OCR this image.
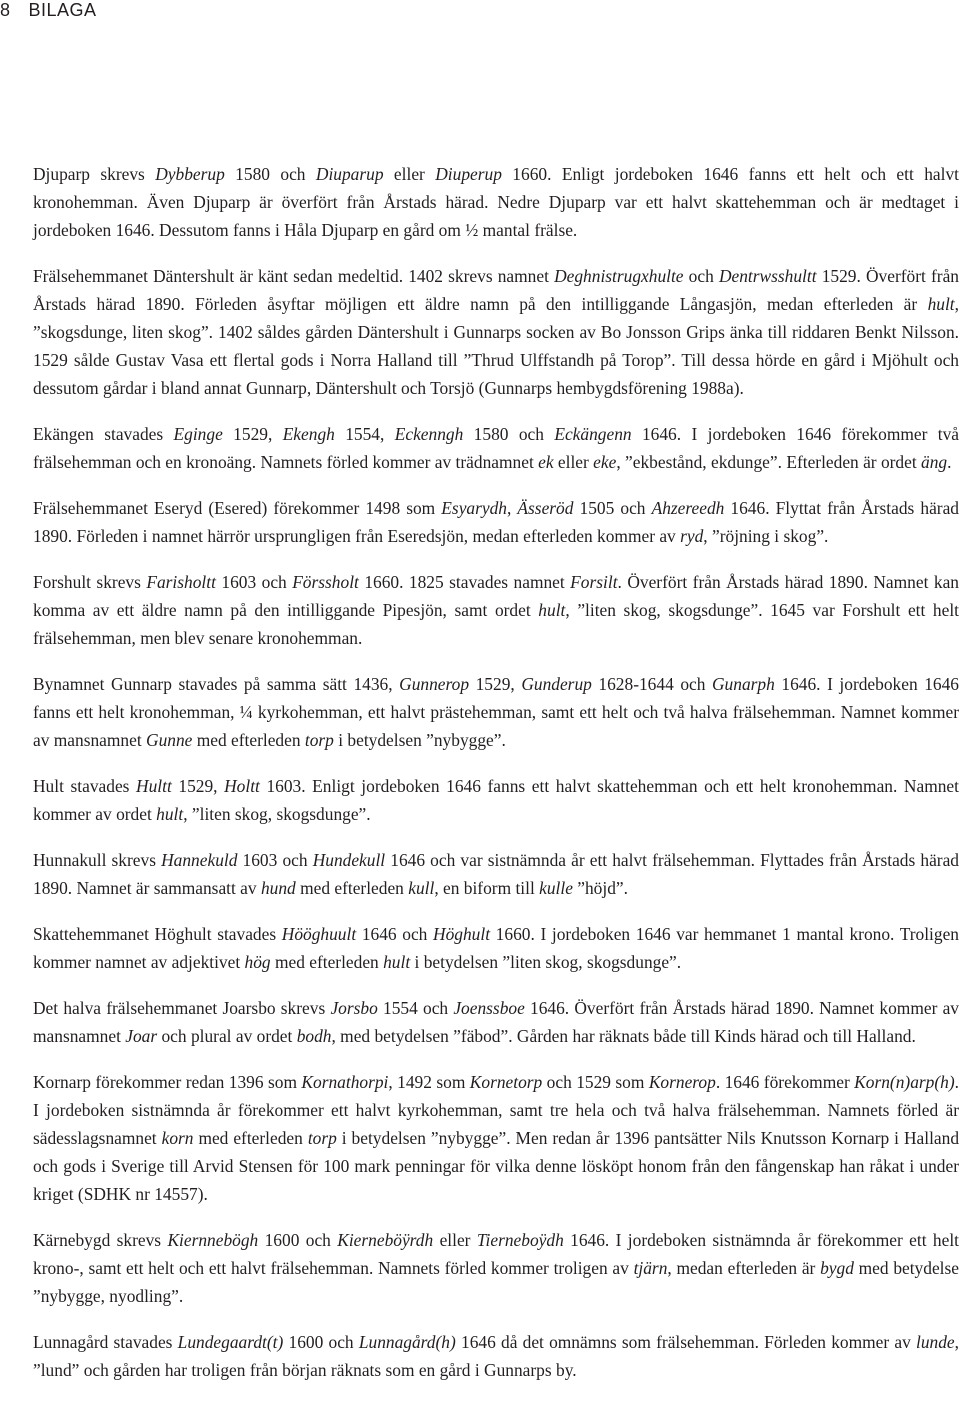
8 BILAGA

Djuparp skrevs Dybberup 1580 och Diuparup eller Diuperup 1660. Enligt jordeboken 1646 fanns ett helt och ett halvt kronohemman. Även Djuparp är överfört från Årstads härad. Nedre Djuparp var ett halvt skattehemman och är medtaget i jordeboken 1646. Dessutom fanns i Håla Djuparp en gård om ½ mantal frälse.

Frälsehemmanet Däntershult är känt sedan medeltid. 1402 skrevs namnet Deghnistrugxhulte och Dentrwsshultt 1529. Överfört från Årstads härad 1890. Förleden åsyftar möjligen ett äldre namn på den intilliggande Långasjön, medan efterleden är hult, ”skogsdunge, liten skog”. 1402 såldes gården Däntershult i Gunnarps socken av Bo Jonsson Grips änka till riddaren Benkt Nilsson. 1529 sålde Gustav Vasa ett flertal gods i Norra Halland till ”Thrud Ulffstandh på Torop”. Till dessa hörde en gård i Mjöhult och dessutom gårdar i bland annat Gunnarp, Däntershult och Torsjö (Gunnarps hembygdsförening 1988a).

Ekängen stavades Eginge 1529, Ekengh 1554, Eckenngh 1580 och Eckängenn 1646. I jordeboken 1646 förekommer två frälsehemman och en kronoäng. Namnets förled kommer av trädnamnet ek eller eke, ”ekbestånd, ekdunge”. Efterleden är ordet äng.

Frälsehemmanet Eseryd (Esered) förekommer 1498 som Esyarydh, Ässeröd 1505 och Ahzereedh 1646. Flyttat från Årstads härad 1890. Förleden i namnet härrör ursprungligen från Eseredsjön, medan efterleden kommer av ryd, ”röjning i skog”.

Forshult skrevs Farisholtt 1603 och Förssholt 1660. 1825 stavades namnet Forsilt. Överfört från Årstads härad 1890. Namnet kan komma av ett äldre namn på den intilliggande Pipesjön, samt ordet hult, ”liten skog, skogsdunge”. 1645 var Forshult ett helt frälsehemman, men blev senare kronohemman.

Bynamnet Gunnarp stavades på samma sätt 1436, Gunnerop 1529, Gunderup 1628-1644 och Gunarph 1646. I jordeboken 1646 fanns ett helt kronohemman, ¼ kyrkohemman, ett halvt prästehemman, samt ett helt och två halva frälsehemman. Namnet kommer av mansnamnet Gunne med efterleden torp i betydelsen ”nybygge”.

Hult stavades Hultt 1529, Holtt 1603. Enligt jordeboken 1646 fanns ett halvt skattehemman och ett helt kronohemman. Namnet kommer av ordet hult, ”liten skog, skogsdunge”.

Hunnakull skrevs Hannekuld 1603 och Hundekull 1646 och var sistnämnda år ett halvt frälsehemman. Flyttades från Årstads härad 1890. Namnet är sammansatt av hund med efterleden kull, en biform till kulle ”höjd”.

Skattehemmanet Höghult stavades Hööghuult 1646 och Höghult 1660. I jordeboken 1646 var hemmanet 1 mantal krono. Troligen kommer namnet av adjektivet hög med efterleden hult i betydelsen ”liten skog, skogsdunge”.

Det halva frälsehemmanet Joarsbo skrevs Jorsbo 1554 och Joenssboe 1646. Överfört från Årstads härad 1890. Namnet kommer av mansnamnet Joar och plural av ordet bodh, med betydelsen ”fäbod”. Gården har räknats både till Kinds härad och till Halland.

Kornarp förekommer redan 1396 som Kornathorpi, 1492 som Kornetorp och 1529 som Kornerop. 1646 förekommer Korn(n)arp(h). I jordeboken sistnämnda år förekommer ett halvt kyrkohemman, samt tre hela och två halva frälsehemman. Namnets förled är sädesslagsnamnet korn med efterleden torp i betydelsen ”nybygge”. Men redan år 1396 pantsätter Nils Knutsson Kornarp i Halland och gods i Sverige till Arvid Stensen för 100 mark penningar för vilka denne lösköpt honom från den fångenskap han råkat i under kriget (SDHK nr 14557).

Kärnebygd skrevs Kiernnebögh 1600 och Kierneböÿrdh eller Tierneboÿdh 1646. I jordeboken sistnämnda år förekommer ett helt krono-, samt ett helt och ett halvt frälsehemman. Namnets förled kommer troligen av tjärn, medan efterleden är bygd med betydelse ”nybygge, nyodling”.

Lunnagård stavades Lundegaardt(t) 1600 och Lunnagård(h) 1646 då det omnämns som frälsehemman. Förleden kommer av lunde, ”lund” och gården har troligen från början räknats som en gård i Gunnarps by.
